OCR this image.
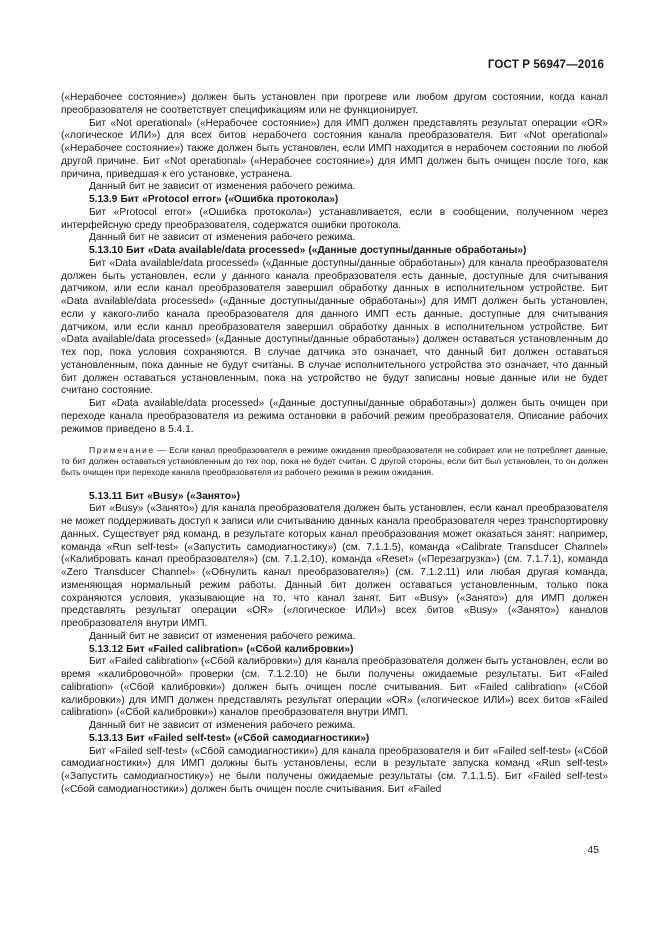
ГОСТ Р 56947—2016

(«Нерабочее состояние») должен быть установлен при прогреве или любом другом состоянии, когда канал преобразователя не соответствует спецификациям или не функционирует.

Бит «Not operational» («Нерабочее состояние») для ИМП должен представлять результат операции «OR» («логическое ИЛИ») для всех битов нерабочего состояния канала преобразователя. Бит «Not operational» («Нерабочее состояние») также должен быть установлен, если ИМП находится в нерабочем состоянии по любой другой причине. Бит «Not operational» («Нерабочее состояние») для ИМП должен быть очищен после того, как причина, приведшая к его установке, устранена.

Данный бит не зависит от изменения рабочего режима.

5.13.9 Бит «Protocol error» («Ошибка протокола»)

Бит «Protocol error» («Ошибка протокола») устанавливается, если в сообщении, полученном через интерфейсную среду преобразователя, содержатся ошибки протокола.

Данный бит не зависит от изменения рабочего режима.

5.13.10 Бит «Data available/data processed» («Данные доступны/данные обработаны»)

Бит «Data available/data processed» («Данные доступны/данные обработаны») для канала преобразователя должен быть установлен, если у данного канала преобразователя есть данные, доступные для считывания датчиком, или если канал преобразователя завершил обработку данных в исполнительном устройстве. Бит «Data available/data processed» («Данные доступны/данные обработаны») для ИМП должен быть установлен, если у какого-либо канала преобразователя для данного ИМП есть данные, доступные для считывания датчиком, или если канал преобразователя завершил обработку данных в исполнительном устройстве. Бит «Data available/data processed» («Данные доступны/данные обработаны») должен оставаться установленным до тех пор, пока условия сохраняются. В случае датчика это означает, что данный бит должен оставаться установленным, пока данные не будут считаны. В случае исполнительного устройства это означает, что данный бит должен оставаться установленным, пока на устройство не будут записаны новые данные или не будет считано состояние.

Бит «Data available/data processed» («Данные доступны/данные обработаны») должен быть очищен при переходе канала преобразователя из режима остановки в рабочий режим преобразователя. Описание рабочих режимов приведено в 5.4.1.

Примечание — Если канал преобразователя в режиме ожидания преобразователя не собирает или не потребляет данные, то бит должен оставаться установленным до тех пор, пока не будет считан. С другой стороны, если бит был установлен, то он должен быть очищен при переходе канала преобразователя из рабочего режима в режим ожидания.

5.13.11 Бит «Busy» («Занято»)

Бит «Busy» («Занято») для канала преобразователя должен быть установлен, если канал преобразователя не может поддерживать доступ к записи или считыванию данных канала преобразователя через транспортировку данных. Существует ряд команд, в результате которых канал преобразования может оказаться занят: например, команда «Run self-test» («Запустить самодиагностику») (см. 7.1.1.5), команда «Calibrate Transducer Channel» («Калибровать канал преобразователя») (см. 7.1.2.10), команда «Reset» («Перезагрузка») (см. 7.1.7.1), команда «Zero Transducer Channel» («Обнулить канал преобразователя») (см. 7.1.2.11) или любая другая команда, изменяющая нормальный режим работы. Данный бит должен оставаться установленным, только пока сохраняются условия, указывающие на то, что канал занят. Бит «Busy» («Занято») для ИМП должен представлять результат операции «OR» («логическое ИЛИ») всех битов «Busy» («Занято») каналов преобразователя внутри ИМП.

Данный бит не зависит от изменения рабочего режима.

5.13.12 Бит «Failed calibration» («Сбой калибровки»)

Бит «Failed calibration» («Сбой калибровки») для канала преобразователя должен быть установлен, если во время «калибровочной» проверки (см. 7.1.2.10) не были получены ожидаемые результаты. Бит «Failed calibration» («Сбой калибровки») должен быть очищен после считывания. Бит «Failed calibration» («Сбой калибровки») для ИМП должен представлять результат операции «OR» («логическое ИЛИ») всех битов «Failed calibration» («Сбой калибровки») каналов преобразователя внутри ИМП.

Данный бит не зависит от изменения рабочего режима.

5.13.13 Бит «Failed self-test» («Сбой самодиагностики»)

Бит «Failed self-test» («Сбой самодиагностики») для канала преобразователя и бит «Failed self-test» («Сбой самодиагностики») для ИМП должны быть установлены, если в результате запуска команд «Run self-test» («Запустить самодиагностику») не были получены ожидаемые результаты (см. 7.1.1.5). Бит «Failed self-test» («Сбой самодиагностики») должен быть очищен после считывания. Бит «Failed

45
